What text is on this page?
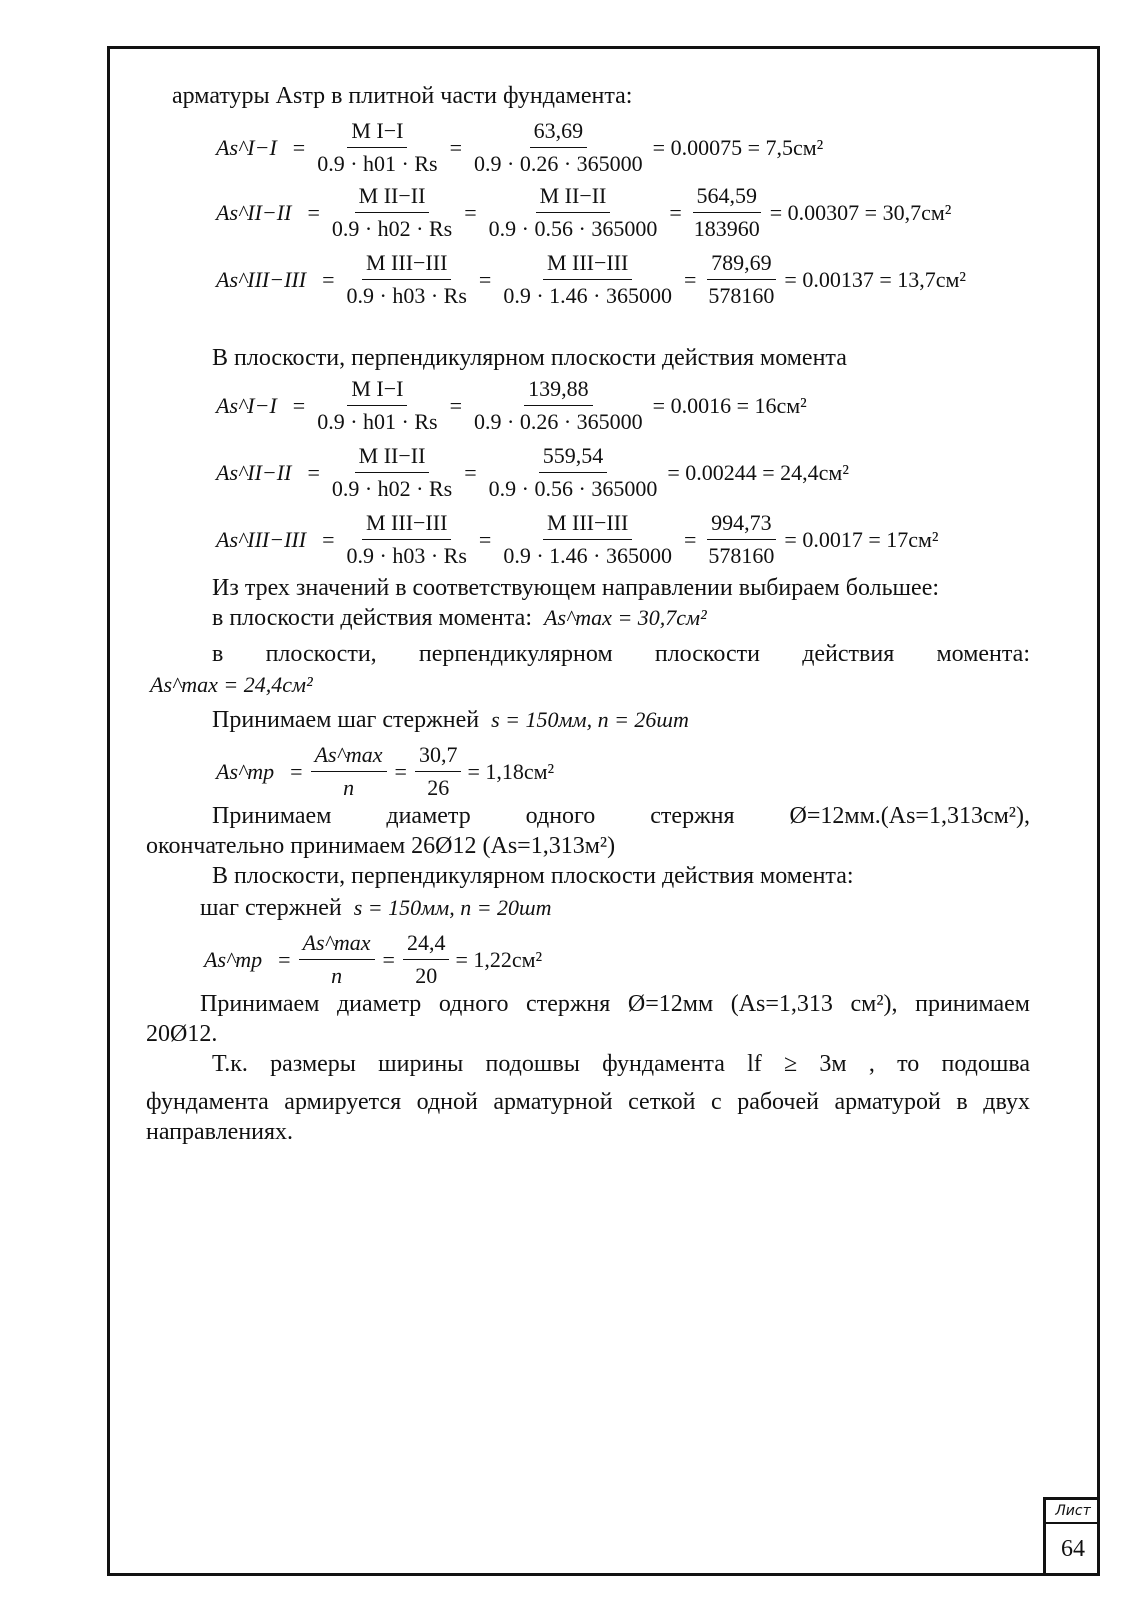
Лист
64
арматуры Asтр в плитной части фундамента:
As^I−I = $\frac{\text{M I−I}}{0.9 \cdot h01 \cdot Rs} = \frac{63,69}{0.9 \cdot 0.26 \cdot 365000} = 0.00075 = 7,5см^2$
As^II−II = $\frac{\text{M II−II}}{0.9 \cdot h02 \cdot Rs} = \frac{\text{M II−II}}{0.9 \cdot 0.56 \cdot 365000} = \frac{564,59}{183960} = 0.00307 = 30,7см^2$
As^III−III = $\frac{\text{M III−III}}{0.9 \cdot h03 \cdot Rs} = \frac{\text{M III−III}}{0.9 \cdot 1.46 \cdot 365000} = \frac{789,69}{578160} = 0.00137 = 13,7см^2$
В плоскости, перпендикулярном плоскости действия момента
As^I−I = $\frac{\text{M I−I}}{0.9 \cdot h01 \cdot Rs} = \frac{139,88}{0.9 \cdot 0.26 \cdot 365000} = 0.0016 = 16см^2$
As^II−II = $\frac{\text{M II−II}}{0.9 \cdot h02 \cdot Rs} = \frac{559,54}{0.9 \cdot 0.56 \cdot 365000} = 0.00244 = 24,4см^2$
As^III−III = $\frac{\text{M III−III}}{0.9 \cdot h03 \cdot Rs} = \frac{\text{M III−III}}{0.9 \cdot 1.46 \cdot 365000} = \frac{994,73}{578160} = 0.0017 = 17см^2$
Из трех значений в соответствующем направлении выбираем большее:
в плоскости действия момента: As^max = 30,7см²
в плоскости, перпендикулярном плоскости действия момента:
As^max = 24,4см²
Принимаем шаг стержней s = 150мм, n = 26шт
As^тр = $\frac{As\^{}\max}{n} = \frac{30,7}{26} = 1,18см^2$
Принимаем диаметр одного стержня Ø=12мм.(As=1,313см²),
окончательно принимаем 26Ø12 (As=1,313м²)
В плоскости, перпендикулярном плоскости действия момента:
шаг стержней s = 150мм, n = 20шт
As^тр = $\frac{As\^{}\max}{n} = \frac{24,4}{20} = 1,22см^2$
Принимаем диаметр одного стержня Ø=12мм (As=1,313 см²), принимаем
20Ø12.
Т.к. размеры ширины подошвы фундамента lf ≥ 3м , то подошва
фундамента армируется одной арматурной сеткой с рабочей арматурой в двух
направлениях.
